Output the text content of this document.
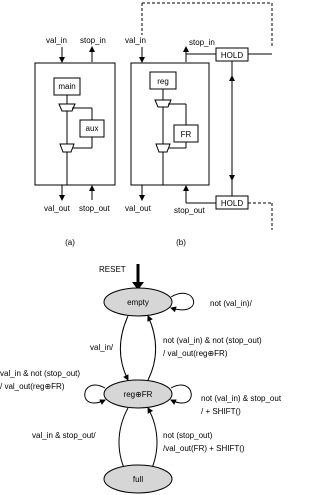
val_in stop_in
main
aux
val_out stop_out
(a)
val_in	stop_in
HOLD
reg
FR
HOLD
val_out	stop_out
(b)
RESET
empty	not (val_in)/
val_in/
not (val_in) & not (stop_out)
/ val_out(reg⊕FR)
reg⊕FR
val_in & not (stop_out)
/ val_out(reg⊕FR)
not (val_in) & stop_out
/ + SHIFT()
val_in & stop_out/	not (stop_out)
/val_out(FR) + SHIFT()
full
